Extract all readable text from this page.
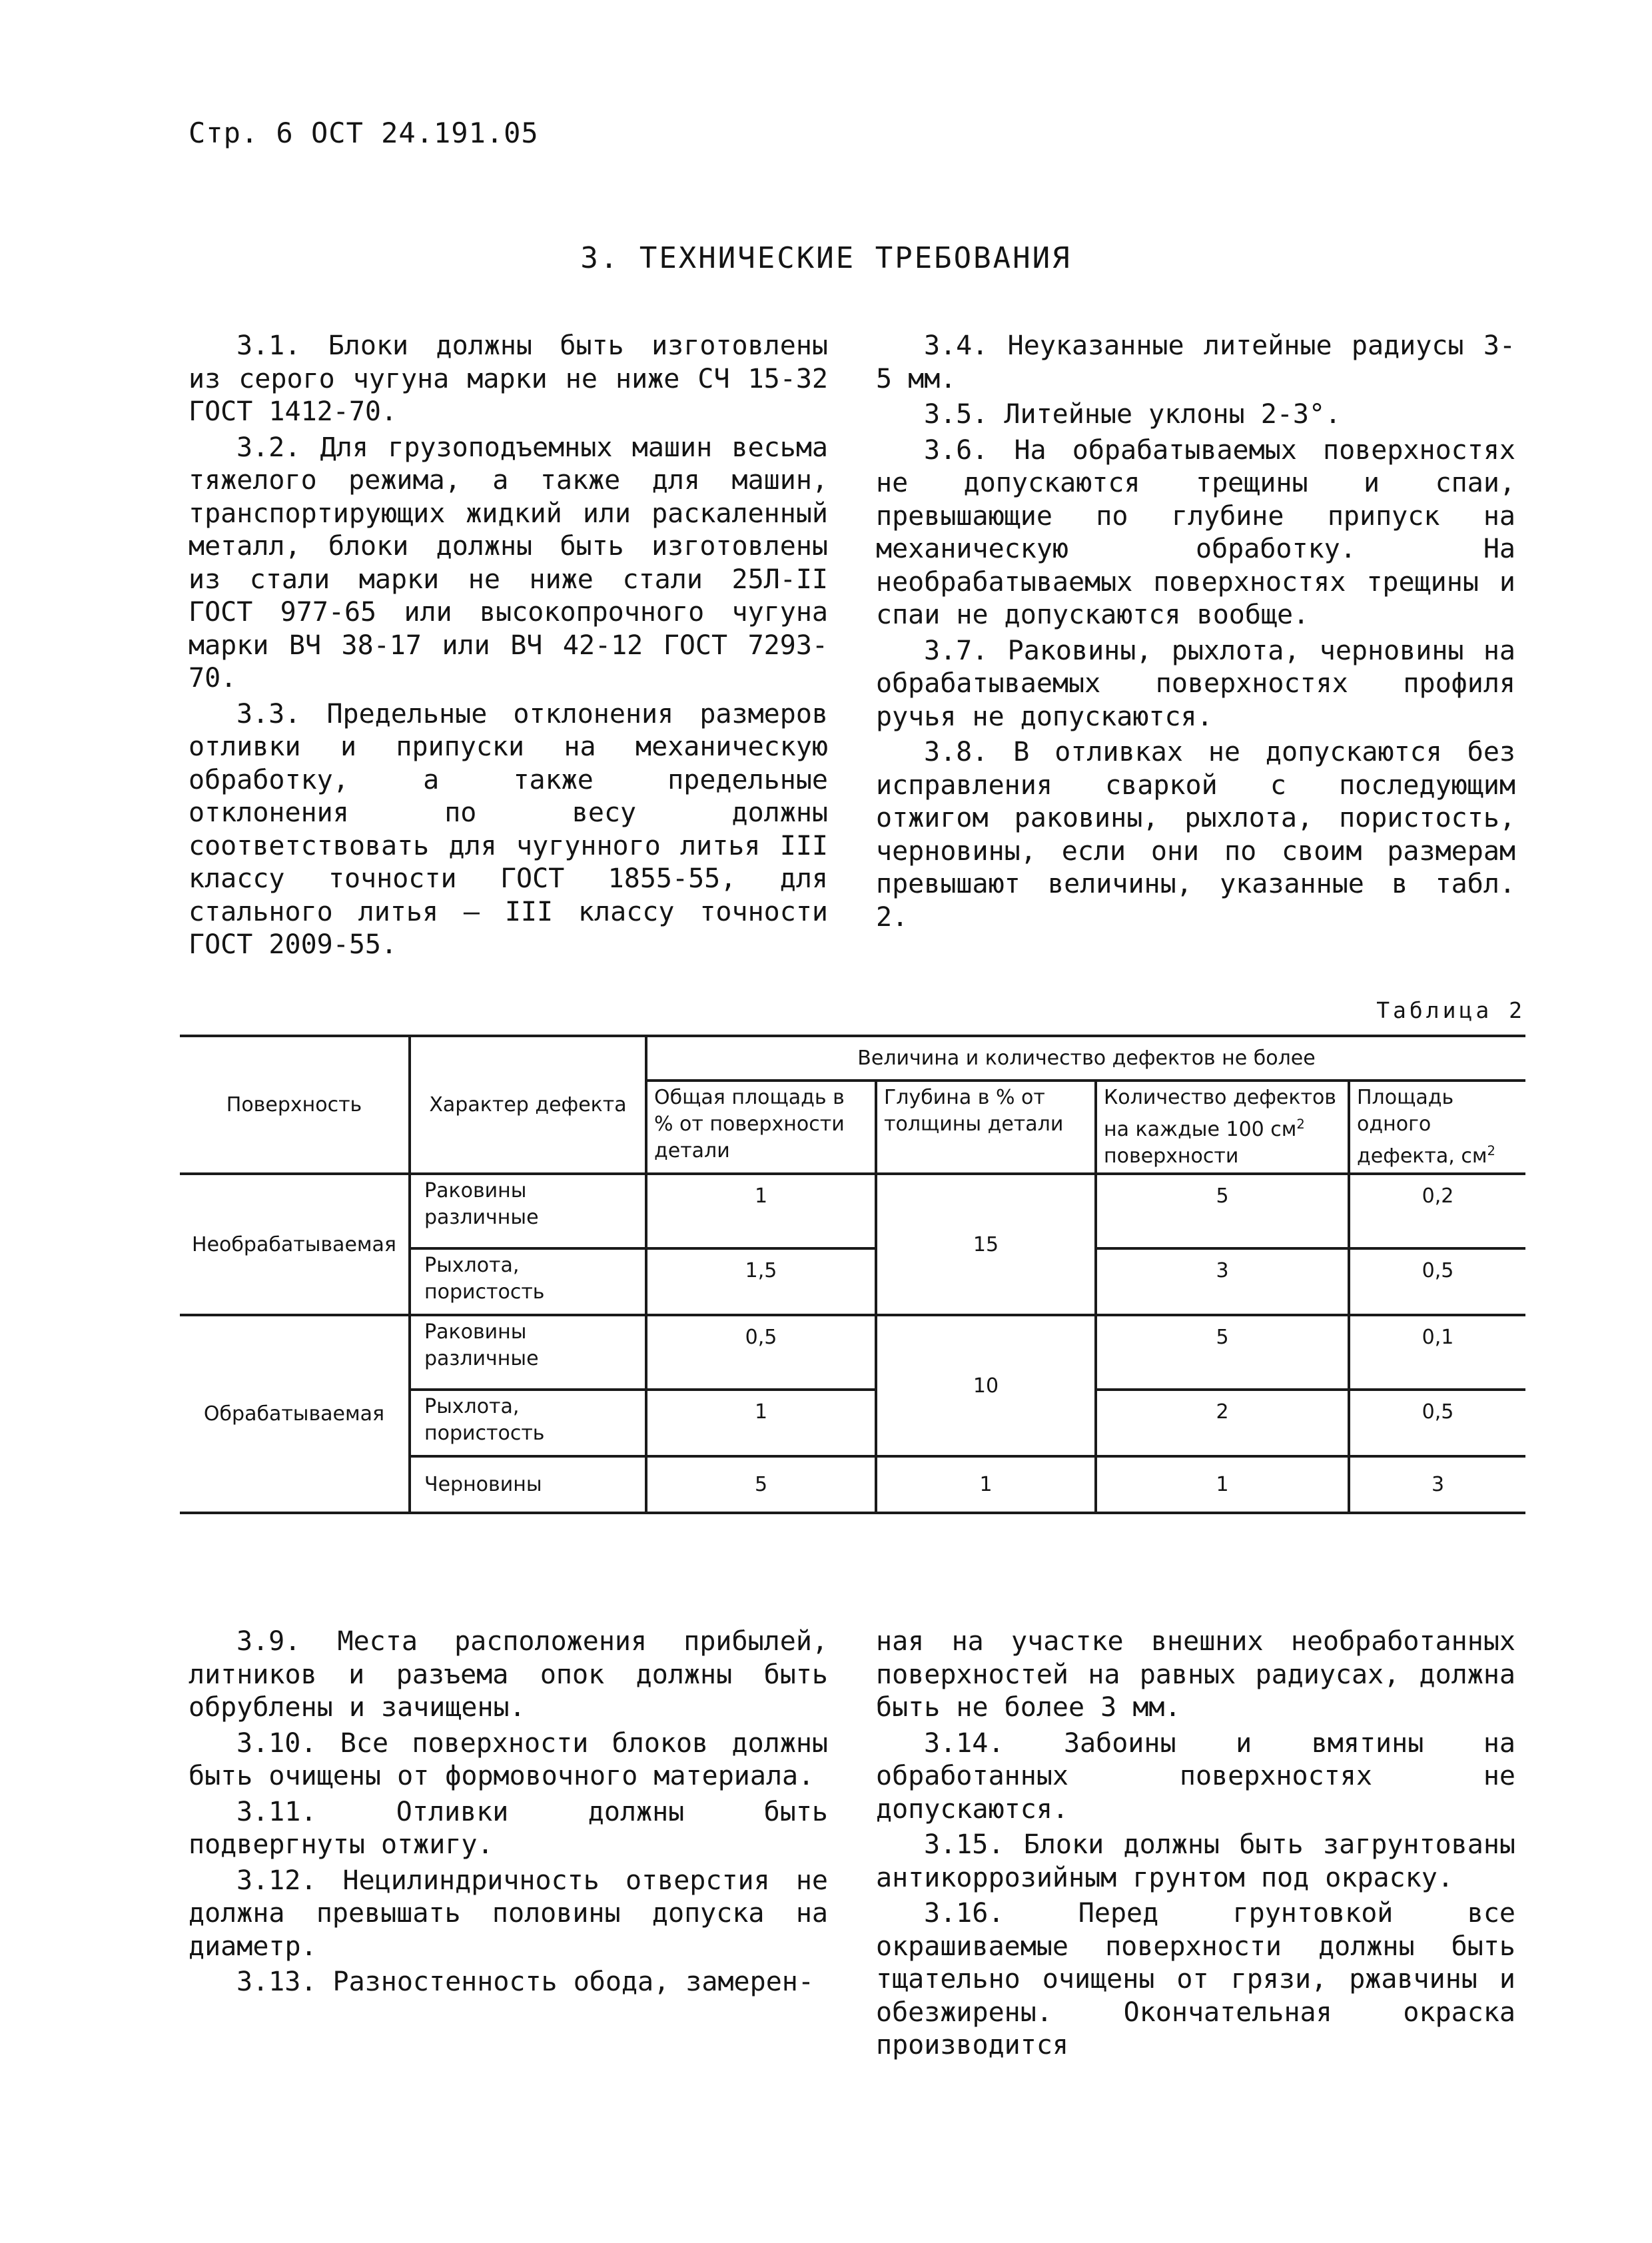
Стр. 6 ОСТ 24.191.05
3. ТЕХНИЧЕСКИЕ ТРЕБОВАНИЯ

3.1. Блоки должны быть изготовлены из серого чугуна марки не ниже СЧ 15-32 ГОСТ 1412-70.

3.2. Для грузоподъемных машин весьма тяжелого режима, а также для машин, транспортирующих жидкий или раскаленный металл, блоки должны быть изготовлены из стали марки не ниже стали 25Л-II ГОСТ 977-65 или высокопрочного чугуна марки ВЧ 38-17 или ВЧ 42-12 ГОСТ 7293-70.

3.3. Предельные отклонения размеров отливки и припуски на механическую обработку, а также предельные отклонения по весу должны соответствовать для чугунного литья III классу точности ГОСТ 1855-55, для стального литья – III классу точности ГОСТ 2009-55.

3.4. Неуказанные литейные радиусы 3-5 мм.

3.5. Литейные уклоны 2-3°.

3.6. На обрабатываемых поверхностях не допускаются трещины и спаи, превышающие по глубине припуск на механическую обработку. На необрабатываемых поверхностях трещины и спаи не допускаются вообще.

3.7. Раковины, рыхлота, черновины на обрабатываемых поверхностях профиля ручья не допускаются.

3.8. В отливках не допускаются без исправления сваркой с последующим отжигом раковины, рыхлота, пористость, черновины, если они по своим размерам превышают величины, указанные в табл. 2.

Таблица 2
Поверхность	Характер дефекта	Величина и количество дефектов не более			
		Общая площадь в % от поверхности детали	Глубина в % от толщины детали	Количество дефектов на каждые 100 $см^2$ поверхности	Площадь одного дефекта, $см^2$
Необрабатываемая	Раковины различные	1	15	5	0,2
	Рыхлота, пористость	1,5		3	0,5
Обрабатываемая	Раковины различные	0,5	10	5	0,1
	Рыхлота, пористость	1		2	0,5
	Черновины	5	1	1	3

3.9. Места расположения прибылей, литников и разъема опок должны быть обрублены и зачищены.

3.10. Все поверхности блоков должны быть очищены от формовочного материала.

3.11. Отливки должны быть подвергнуты отжигу.

3.12. Нецилиндричность отверстия не должна превышать половины допуска на диаметр.

3.13. Разностенность обода, замерен-

ная на участке внешних необработанных поверхностей на равных радиусах, должна быть не более 3 мм.

3.14. Забоины и вмятины на обработанных поверхностях не допускаются.

3.15. Блоки должны быть загрунтованы антикоррозийным грунтом под окраску.

3.16. Перед грунтовкой все окрашиваемые поверхности должны быть тщательно очищены от грязи, ржавчины и обезжирены. Окончательная окраска производится
